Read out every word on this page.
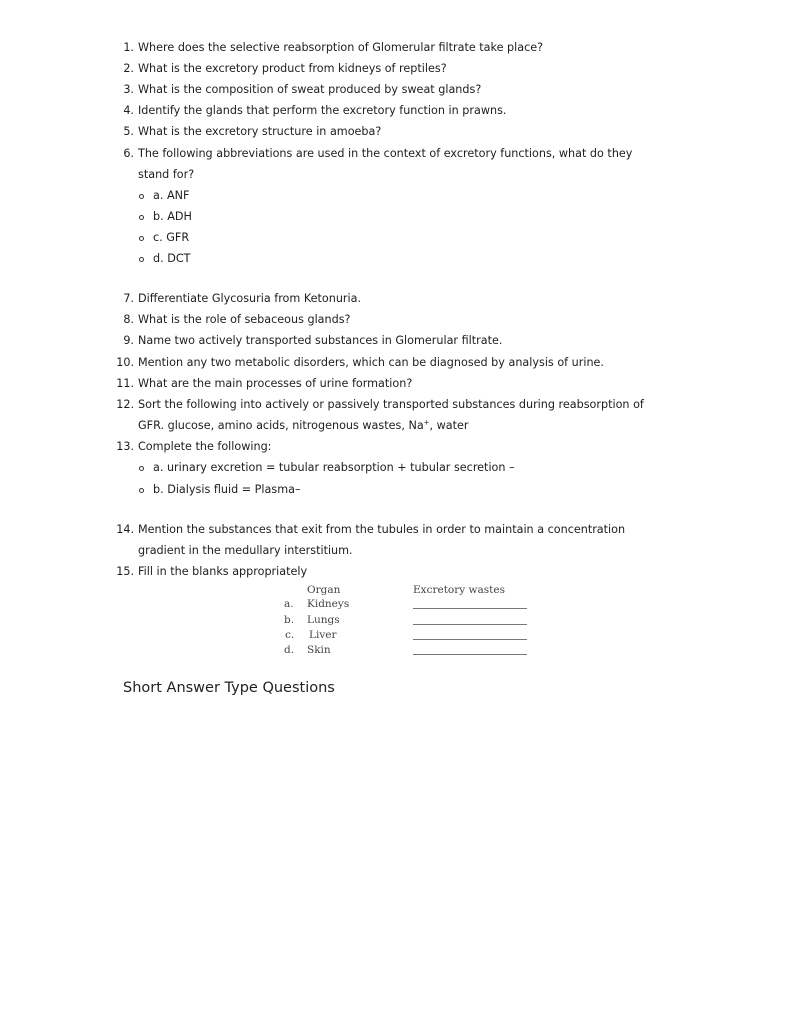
1. Where does the selective reabsorption of Glomerular filtrate take place?
2. What is the excretory product from kidneys of reptiles?
3. What is the composition of sweat produced by sweat glands?
4. Identify the glands that perform the excretory function in prawns.
5. What is the excretory structure in amoeba?
6. The following abbreviations are used in the context of excretory functions, what do they
stand for?
a. ANF
b. ADH
c. GFR
d. DCT
7. Differentiate Glycosuria from Ketonuria.
8. What is the role of sebaceous glands?
9. Name two actively transported substances in Glomerular filtrate.
10. Mention any two metabolic disorders, which can be diagnosed by analysis of urine.
11. What are the main processes of urine formation?
12. Sort the following into actively or passively transported substances during reabsorption of
GFR. glucose, amino acids, nitrogenous wastes, Na+, water
13. Complete the following:
a. urinary excretion = tubular reabsorption + tubular secretion –
b. Dialysis fluid = Plasma–
14. Mention the substances that exit from the tubules in order to maintain a concentration
gradient in the medullary interstitium.
15. Fill in the blanks appropriately
Organ	Excretory wastes
a. Kidneys
b. Lungs
c. Liver
d. Skin
Short Answer Type Questions
